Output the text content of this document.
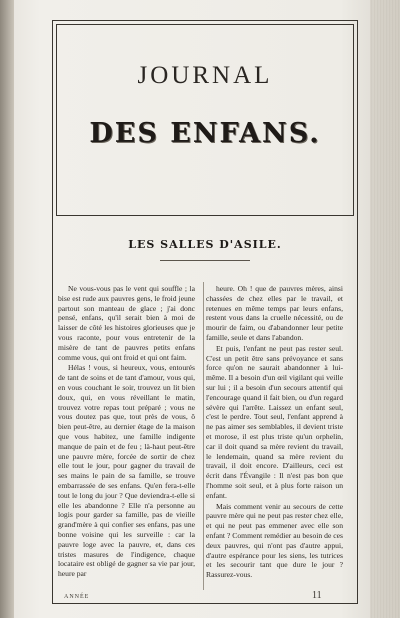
JOURNAL
DES ENFANS.
LES SALLES D'ASILE.

Ne vous-vous pas le vent qui souffle ; la bise est rude aux pauvres gens, le froid jeune partout son manteau de glace ; j'ai donc pensé, enfans, qu'il serait bien à moi de laisser de côté les histoires glorieuses que je vous raconte, pour vous entretenir de la misère de tant de pauvres petits enfans comme vous, qui ont froid et qui ont faim.

Hélas ! vous, si heureux, vous, entourés de tant de soins et de tant d'amour, vous qui, en vous couchant le soir, trouvez un lit bien doux, qui, en vous réveillant le matin, trouvez votre repas tout préparé ; vous ne vous doutez pas que, tout près de vous, ô bien peut-être, au dernier étage de la maison que vous habitez, une famille indigente manque de pain et de feu ; là-haut peut-être une pauvre mère, forcée de sortir de chez elle tout le jour, pour gagner du travail de ses mains le pain de sa famille, se trouve embarrassée de ses enfans. Qu'en fera-t-elle tout le long du jour ? Que deviendra-t-elle si elle les abandonne ? Elle n'a personne au logis pour garder sa famille, pas de vieille grand'mère à qui confier ses enfans, pas une bonne voisine qui les surveille : car la pauvre loge avec la pauvre, et, dans ces tristes masures de l'indigence, chaque locataire est obligé de gagner sa vie par jour, heure par

heure. Oh ! que de pauvres mères, ainsi chassées de chez elles par le travail, et retenues en même temps par leurs enfans, restent vous dans la cruelle nécessité, ou de mourir de faim, ou d'abandonner leur petite famille, seule et dans l'abandon.

Et puis, l'enfant ne peut pas rester seul. C'est un petit être sans prévoyance et sans force qu'on ne saurait abandonner à lui-même. Il a besoin d'un œil vigilant qui veille sur lui ; il a besoin d'un secours attentif qui l'encourage quand il fait bien, ou d'un regard sévère qui l'arrête. Laissez un enfant seul, c'est le perdre. Tout seul, l'enfant apprend à ne pas aimer ses semblables, il devient triste et morose, il est plus triste qu'un orphelin, car il doit quand sa mère revient du travail, le lendemain, quand sa mère revient du travail, il doit encore. D'ailleurs, ceci est écrit dans l'Évangile : Il n'est pas bon que l'homme soit seul, et à plus forte raison un enfant.

Mais comment venir au secours de cette pauvre mère qui ne peut pas rester chez elle, et qui ne peut pas emmener avec elle son enfant ? Comment remédier au besoin de ces deux pauvres, qui n'ont pas d'autre appui, d'autre espérance pour les siens, les tutrices et les secourir tant que dure le jour ? Rassurez-vous.

ANNÉE	11
